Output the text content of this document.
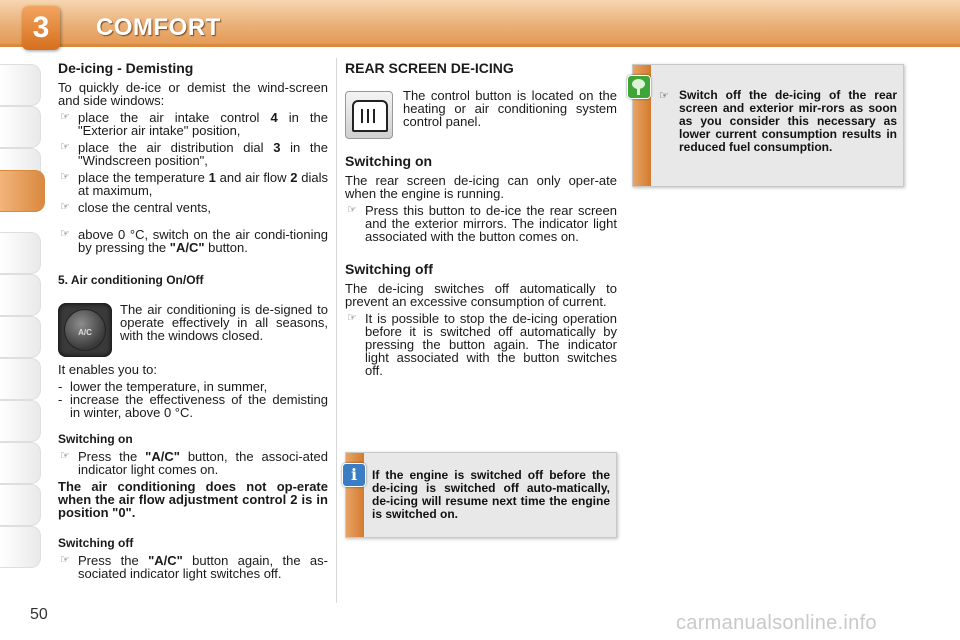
3	COMFORT
De-icing - Demisting

To quickly de-ice or demist the wind-screen and side windows:

☞ place the air intake control 4 in the "Exterior air intake" position,
☞ place the air distribution dial 3 in the "Windscreen position",
☞ place the temperature 1 and air flow 2 dials at maximum,
☞ close the central vents,
☞ above 0 °C, switch on the air condi-tioning by pressing the "A/C" button.
5. Air conditioning On/Off
A/C

The air conditioning is de-signed to operate effectively in all seasons, with the windows closed.

It enables you to:

- lower the temperature, in summer,
- increase the effectiveness of the demisting in winter, above 0 °C.
Switching on
☞ Press the "A/C" button, the associ-ated indicator light comes on.

The air conditioning does not op-erate when the air flow adjustment control 2 is in position "0".

Switching off
☞ Press the "A/C" button again, the as-sociated indicator light switches off.
REAR SCREEN DE-ICING

The control button is located on the heating or air conditioning system control panel.

Switching on

The rear screen de-icing can only oper-ate when the engine is running.

☞ Press this button to de-ice the rear screen and the exterior mirrors. The indicator light associated with the button comes on.
Switching off

The de-icing switches off automatically to prevent an excessive consumption of current.

☞ It is possible to stop the de-icing operation before it is switched off automatically by pressing the button again. The indicator light associated with the button switches off.
i	If the engine is switched off before the de-icing is switched off auto-matically, de-icing will resume next time the engine is switched on.
☞ Switch off the de-icing of the rear screen and exterior mir-rors as soon as you consider this necessary as lower current consumption results in reduced fuel consumption.
50	carmanualsonline.info
